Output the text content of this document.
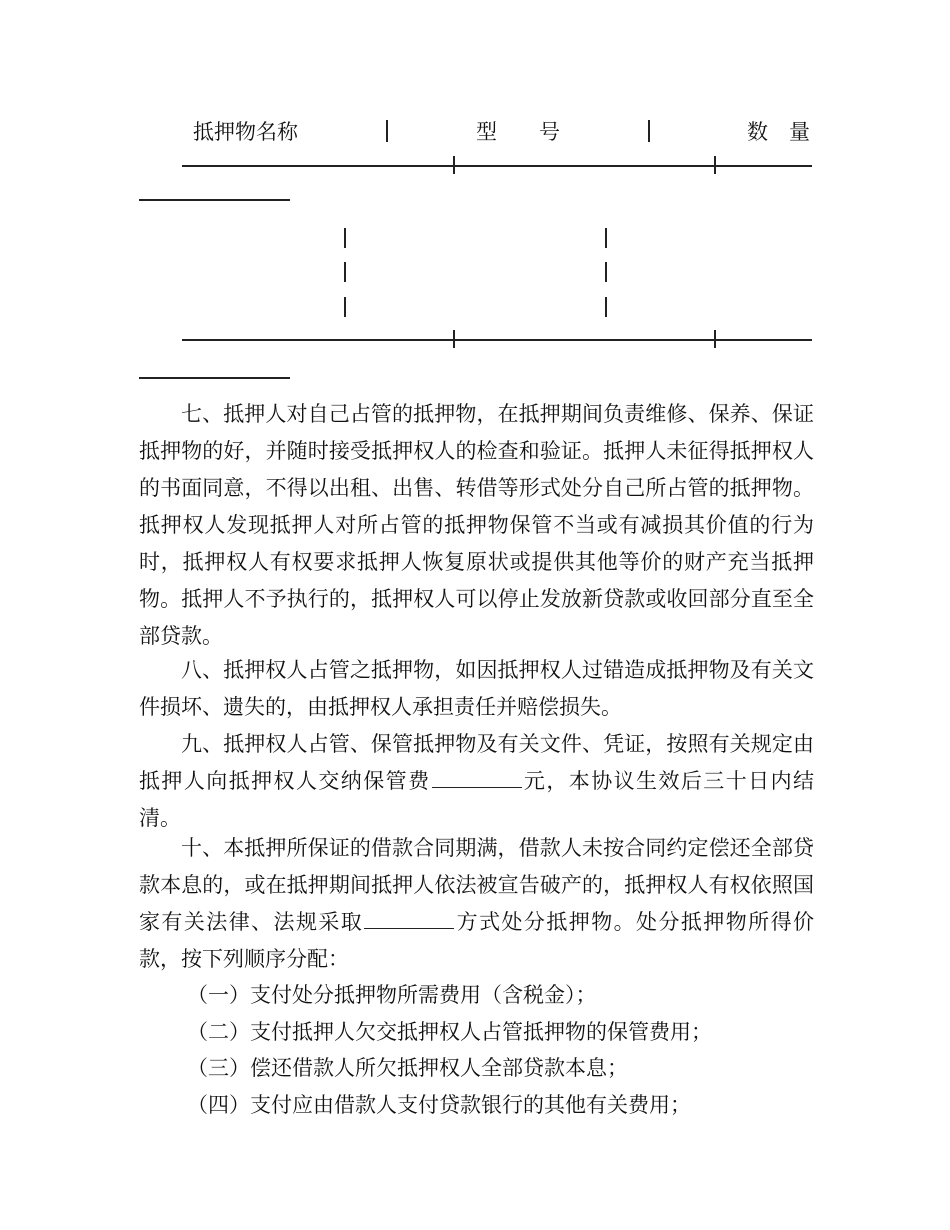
抵押物名称	型　　号	数　量
七、抵押人对自己占管的抵押物，在抵押期间负责维修、保养、保证抵押物的好，并随时接受抵押权人的检查和验证。抵押人未征得抵押权人的书面同意，不得以出租、出售、转借等形式处分自己所占管的抵押物。抵押权人发现抵押人对所占管的抵押物保管不当或有减损其价值的行为时，抵押权人有权要求抵押人恢复原状或提供其他等价的财产充当抵押物。抵押人不予执行的，抵押权人可以停止发放新贷款或收回部分直至全部贷款。
八、抵押权人占管之抵押物，如因抵押权人过错造成抵押物及有关文件损坏、遗失的，由抵押权人承担责任并赔偿损失。
九、抵押权人占管、保管抵押物及有关文件、凭证，按照有关规定由抵押人向抵押权人交纳保管费	元，本协议生效后三十日内结清。
十、本抵押所保证的借款合同期满，借款人未按合同约定偿还全部贷款本息的，或在抵押期间抵押人依法被宣告破产的，抵押权人有权依照国家有关法律、法规采取	方式处分抵押物。处分抵押物所得价款，按下列顺序分配：
（一）支付处分抵押物所需费用（含税金）；
（二）支付抵押人欠交抵押权人占管抵押物的保管费用；
（三）偿还借款人所欠抵押权人全部贷款本息；
（四）支付应由借款人支付贷款银行的其他有关费用；
